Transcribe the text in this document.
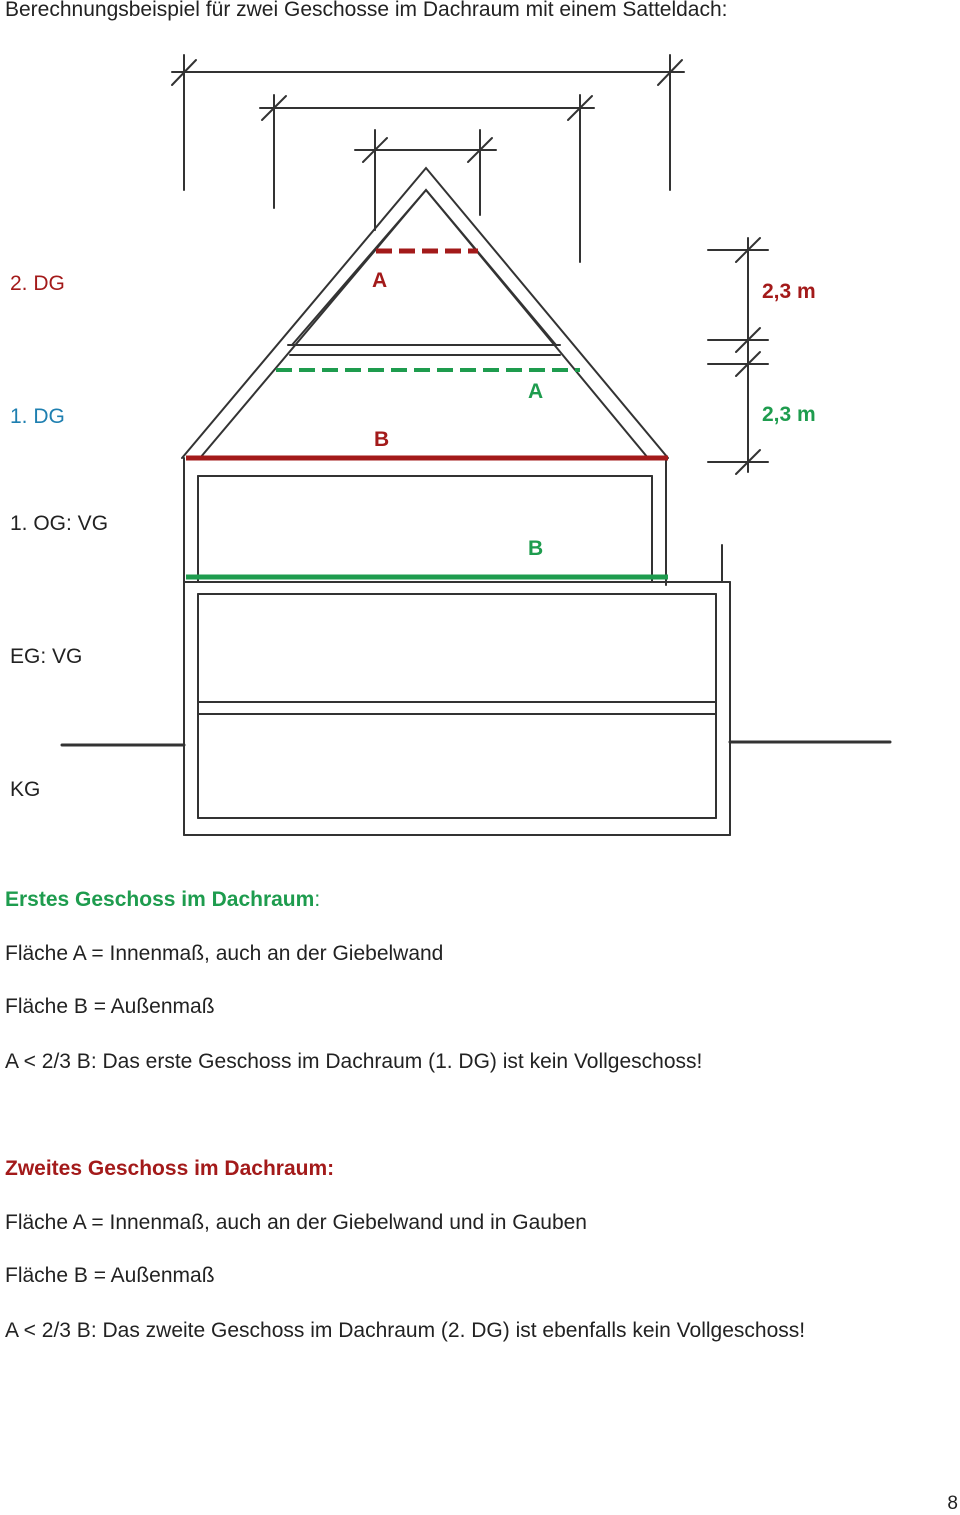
Berechnungsbeispiel für zwei Geschosse im Dachraum mit einem Satteldach:
2. DG
1. DG
1. OG: VG
EG: VG
KG
A
A
B
B
2,3 m
2,3 m
Erstes Geschoss im Dachraum:
Fläche A = Innenmaß, auch an der Giebelwand
Fläche B = Außenmaß
A < 2/3 B: Das erste Geschoss im Dachraum (1. DG) ist kein Vollgeschoss!
Zweites Geschoss im Dachraum:
Fläche A = Innenmaß, auch an der Giebelwand und in Gauben
Fläche B = Außenmaß
A < 2/3 B: Das zweite Geschoss im Dachraum (2. DG) ist ebenfalls kein Vollgeschoss!
8
